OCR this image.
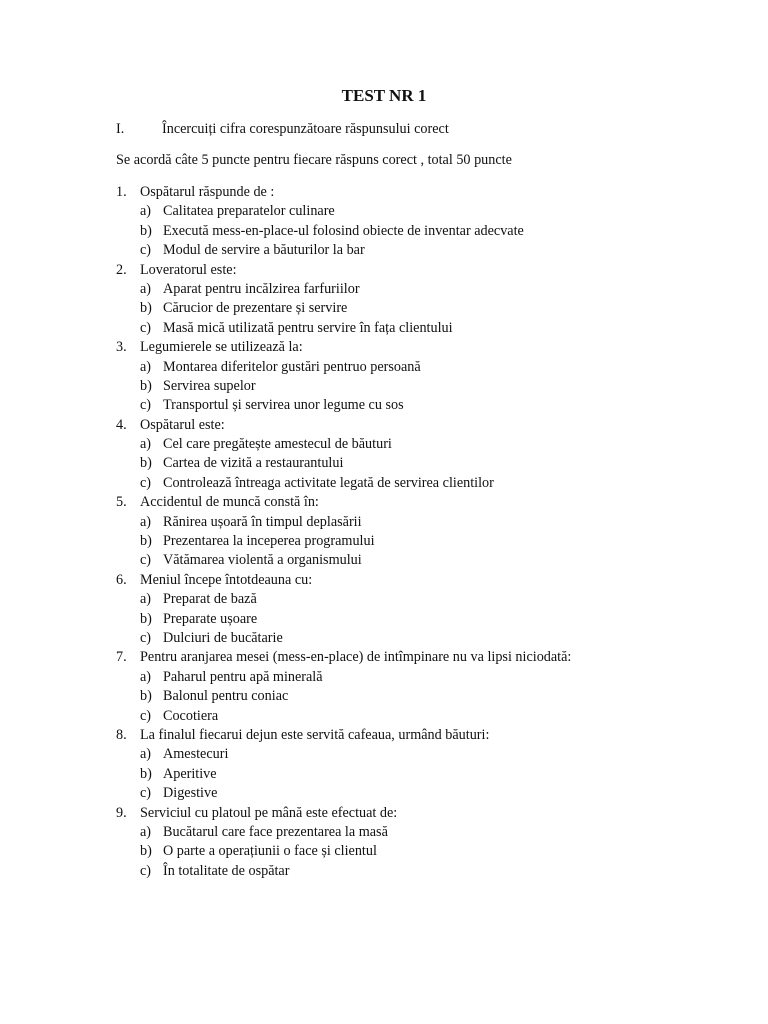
TEST NR 1
I.	Încercuiți cifra corespunzătoare răspunsului corect
Se acordă câte 5 puncte pentru fiecare răspuns corect , total 50 puncte
1. Ospătarul răspunde de :
a) Calitatea preparatelor culinare
b) Execută mess-en-place-ul folosind obiecte de inventar adecvate
c) Modul de servire a băuturilor la bar
2. Loveratorul este:
a) Aparat pentru incălzirea farfuriilor
b) Cărucior de prezentare și servire
c) Masă mică utilizată pentru servire în fața clientului
3. Legumierele se utilizează la:
a) Montarea diferitelor gustări pentruo persoană
b) Servirea supelor
c) Transportul și servirea unor legume cu sos
4. Ospătarul este:
a) Cel care pregătește amestecul de băuturi
b) Cartea de vizită a restaurantului
c) Controlează întreaga activitate legată de servirea clientilor
5. Accidentul de muncă constă în:
a) Rănirea ușoară în timpul deplasării
b) Prezentarea la inceperea programului
c) Vătămarea violentă a organismului
6. Meniul începe întotdeauna cu:
a) Preparat de bază
b) Preparate ușoare
c) Dulciuri de bucătarie
7. Pentru aranjarea mesei (mess-en-place) de intîmpinare nu va lipsi niciodată:
a) Paharul pentru apă minerală
b) Balonul pentru coniac
c) Cocotiera
8. La finalul fiecarui dejun este servită cafeaua, urmând băuturi:
a) Amestecuri
b) Aperitive
c) Digestive
9. Serviciul cu platoul pe mână este efectuat de:
a) Bucătarul care face prezentarea la masă
b) O parte a operațiunii o face și clientul
c) În totalitate de ospătar
